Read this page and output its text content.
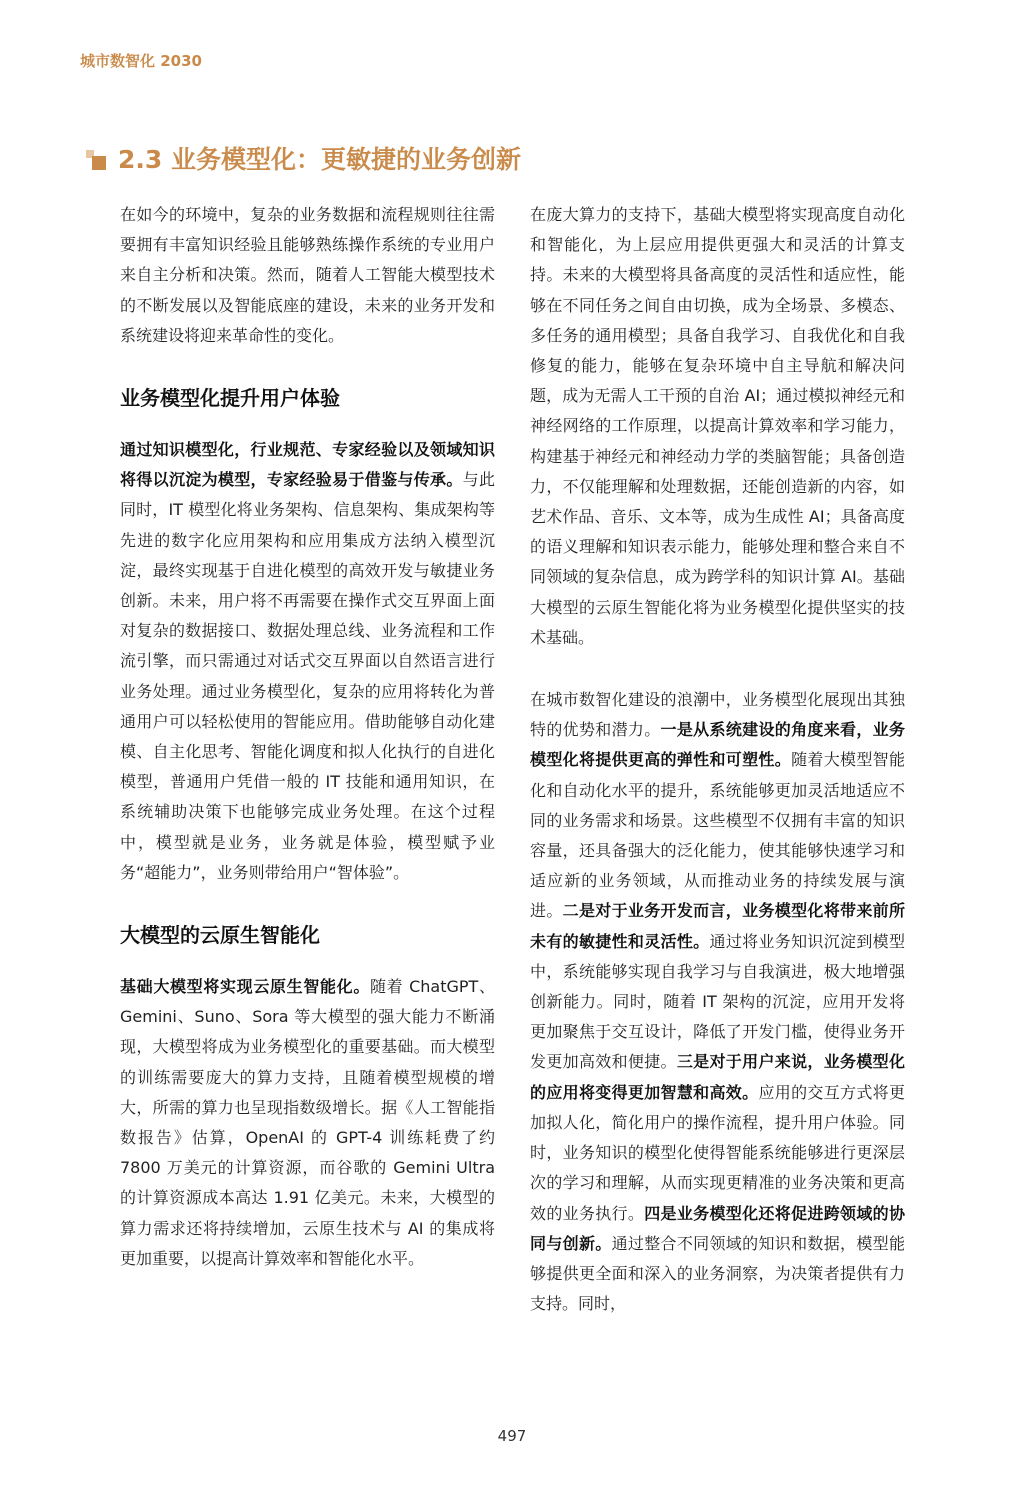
城市数智化 2030
2.3 业务模型化：更敏捷的业务创新

在如今的环境中，复杂的业务数据和流程规则往往需要拥有丰富知识经验且能够熟练操作系统的专业用户来自主分析和决策。然而，随着人工智能大模型技术的不断发展以及智能底座的建设，未来的业务开发和系统建设将迎来革命性的变化。

业务模型化提升用户体验

通过知识模型化，行业规范、专家经验以及领域知识将得以沉淀为模型，专家经验易于借鉴与传承。与此同时，IT 模型化将业务架构、信息架构、集成架构等先进的数字化应用架构和应用集成方法纳入模型沉淀，最终实现基于自进化模型的高效开发与敏捷业务创新。未来，用户将不再需要在操作式交互界面上面对复杂的数据接口、数据处理总线、业务流程和工作流引擎，而只需通过对话式交互界面以自然语言进行业务处理。通过业务模型化，复杂的应用将转化为普通用户可以轻松使用的智能应用。借助能够自动化建模、自主化思考、智能化调度和拟人化执行的自进化模型，普通用户凭借一般的 IT 技能和通用知识，在系统辅助决策下也能够完成业务处理。在这个过程中，模型就是业务，业务就是体验，模型赋予业务“超能力”，业务则带给用户“智体验”。

大模型的云原生智能化

基础大模型将实现云原生智能化。随着 ChatGPT、Gemini、Suno、Sora 等大模型的强大能力不断涌现，大模型将成为业务模型化的重要基础。而大模型的训练需要庞大的算力支持，且随着模型规模的增大，所需的算力也呈现指数级增长。据《人工智能指数报告》估算，OpenAI 的 GPT-4 训练耗费了约 7800 万美元的计算资源，而谷歌的 Gemini Ultra 的计算资源成本高达 1.91 亿美元。未来，大模型的算力需求还将持续增加，云原生技术与 AI 的集成将更加重要，以提高计算效率和智能化水平。

在庞大算力的支持下，基础大模型将实现高度自动化和智能化，为上层应用提供更强大和灵活的计算支持。未来的大模型将具备高度的灵活性和适应性，能够在不同任务之间自由切换，成为全场景、多模态、多任务的通用模型；具备自我学习、自我优化和自我修复的能力，能够在复杂环境中自主导航和解决问题，成为无需人工干预的自治 AI；通过模拟神经元和神经网络的工作原理，以提高计算效率和学习能力，构建基于神经元和神经动力学的类脑智能；具备创造力，不仅能理解和处理数据，还能创造新的内容，如艺术作品、音乐、文本等，成为生成性 AI；具备高度的语义理解和知识表示能力，能够处理和整合来自不同领域的复杂信息，成为跨学科的知识计算 AI。基础大模型的云原生智能化将为业务模型化提供坚实的技术基础。

在城市数智化建设的浪潮中，业务模型化展现出其独特的优势和潜力。一是从系统建设的角度来看，业务模型化将提供更高的弹性和可塑性。随着大模型智能化和自动化水平的提升，系统能够更加灵活地适应不同的业务需求和场景。这些模型不仅拥有丰富的知识容量，还具备强大的泛化能力，使其能够快速学习和适应新的业务领域，从而推动业务的持续发展与演进。二是对于业务开发而言，业务模型化将带来前所未有的敏捷性和灵活性。通过将业务知识沉淀到模型中，系统能够实现自我学习与自我演进，极大地增强创新能力。同时，随着 IT 架构的沉淀，应用开发将更加聚焦于交互设计，降低了开发门槛，使得业务开发更加高效和便捷。三是对于用户来说，业务模型化的应用将变得更加智慧和高效。应用的交互方式将更加拟人化，简化用户的操作流程，提升用户体验。同时，业务知识的模型化使得智能系统能够进行更深层次的学习和理解，从而实现更精准的业务决策和更高效的业务执行。四是业务模型化还将促进跨领域的协同与创新。通过整合不同领域的知识和数据，模型能够提供更全面和深入的业务洞察，为决策者提供有力支持。同时，

497
